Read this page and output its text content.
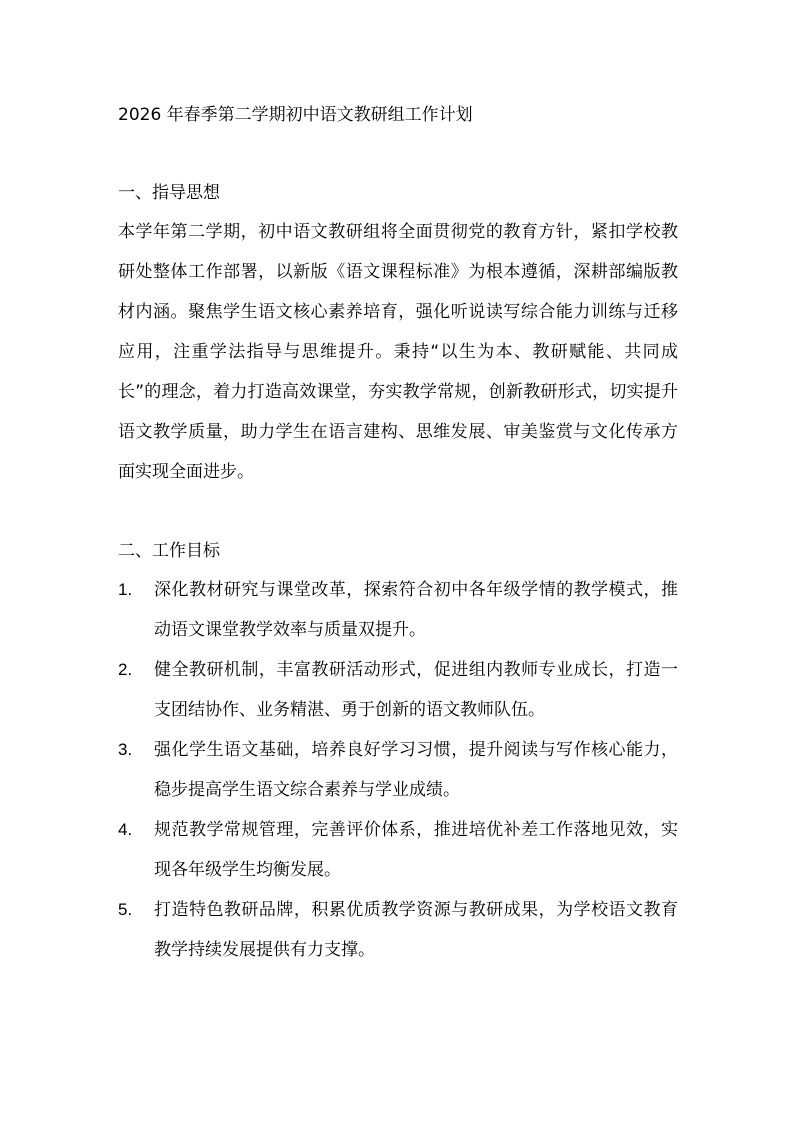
2026 年春季第二学期初中语文教研组工作计划
一、指导思想

本学年第二学期，初中语文教研组将全面贯彻党的教育方针，紧扣学校教研处整体工作部署，以新版《语文课程标准》为根本遵循，深耕部编版教材内涵。聚焦学生语文核心素养培育，强化听说读写综合能力训练与迁移应用，注重学法指导与思维提升。秉持“以生为本、教研赋能、共同成长”的理念，着力打造高效课堂，夯实教学常规，创新教研形式，切实提升语文教学质量，助力学生在语言建构、思维发展、审美鉴赏与文化传承方面实现全面进步。

二、工作目标
1. 深化教材研究与课堂改革，探索符合初中各年级学情的教学模式，推动语文课堂教学效率与质量双提升。
2. 健全教研机制，丰富教研活动形式，促进组内教师专业成长，打造一支团结协作、业务精湛、勇于创新的语文教师队伍。
3. 强化学生语文基础，培养良好学习习惯，提升阅读与写作核心能力，稳步提高学生语文综合素养与学业成绩。
4. 规范教学常规管理，完善评价体系，推进培优补差工作落地见效，实现各年级学生均衡发展。
5. 打造特色教研品牌，积累优质教学资源与教研成果，为学校语文教育教学持续发展提供有力支撑。
